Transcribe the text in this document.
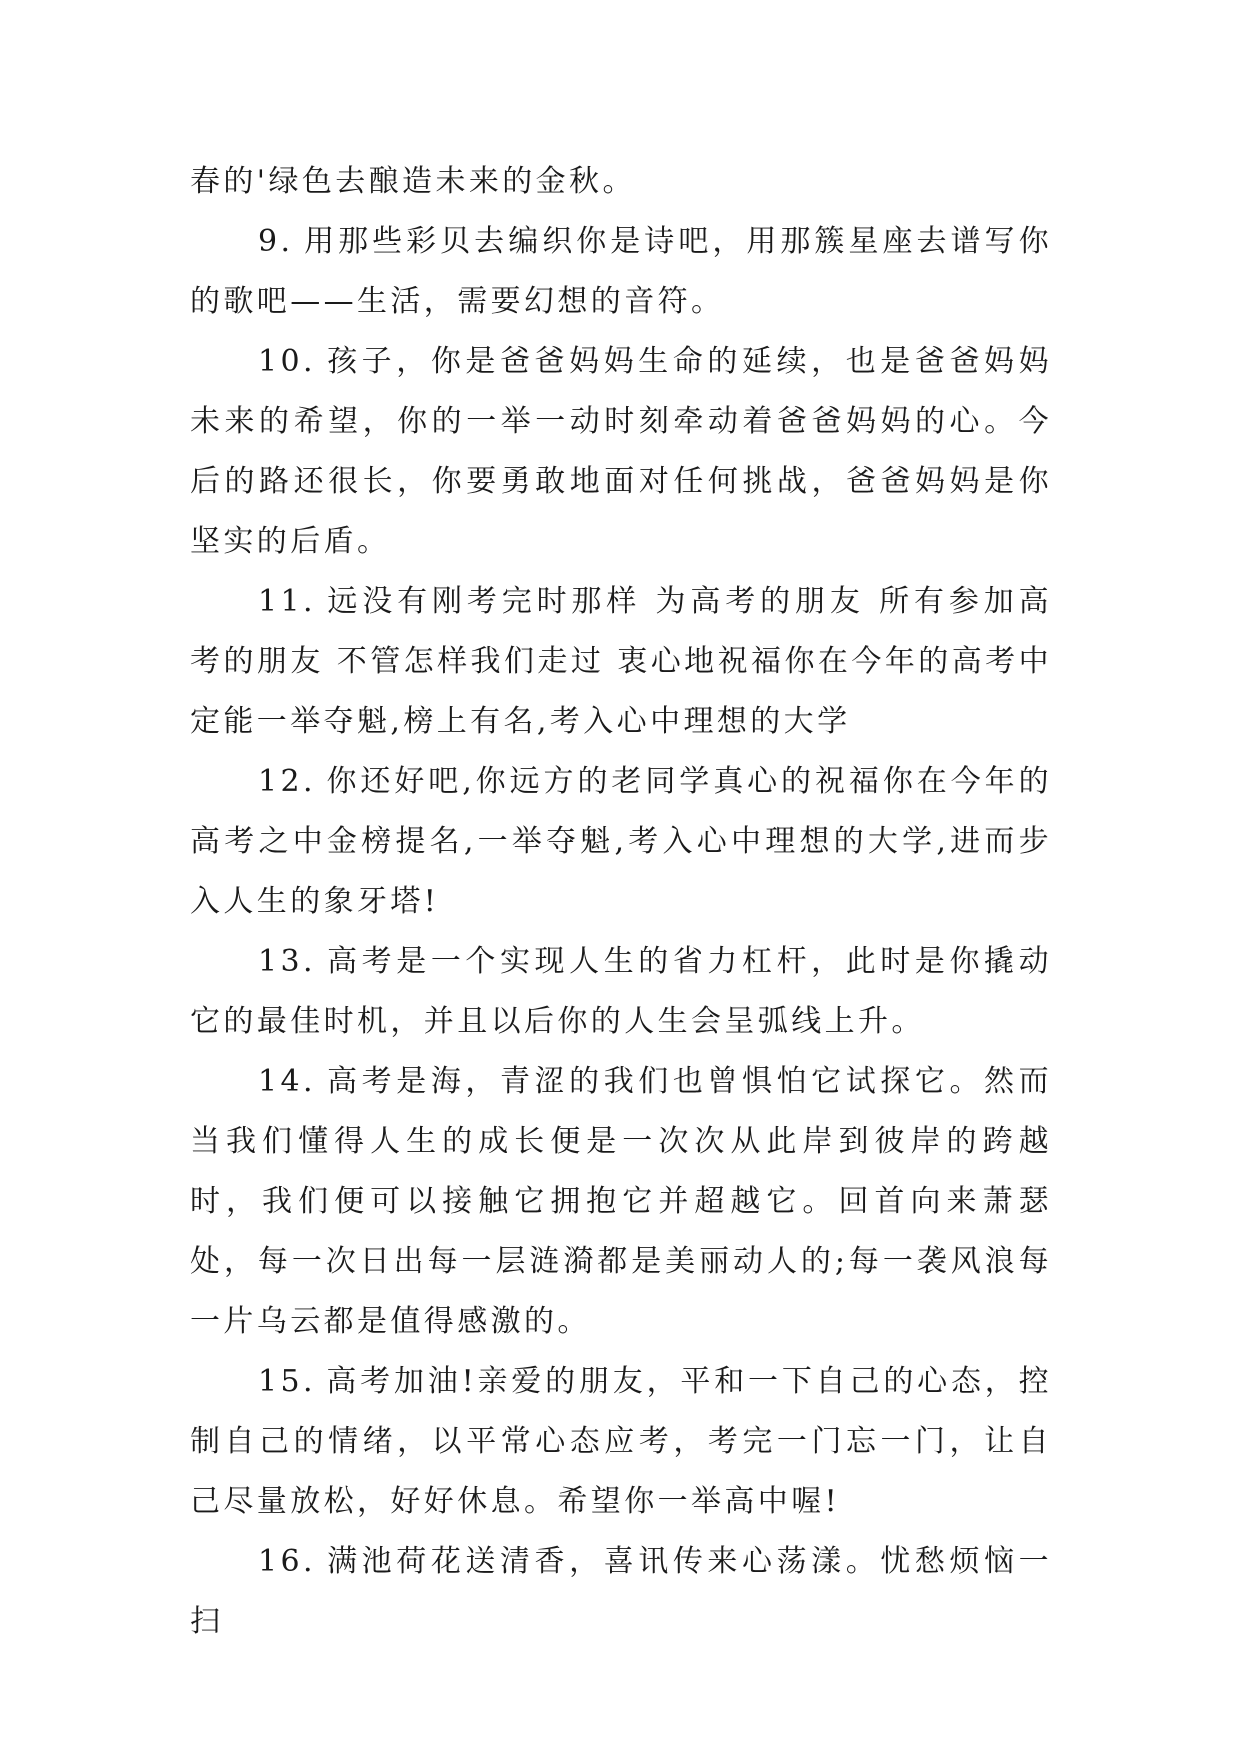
春的'绿色去酿造未来的金秋。

9. 用那些彩贝去编织你是诗吧，用那簇星座去谱写你的歌吧——生活，需要幻想的音符。

10. 孩子，你是爸爸妈妈生命的延续，也是爸爸妈妈未来的希望，你的一举一动时刻牵动着爸爸妈妈的心。今后的路还很长，你要勇敢地面对任何挑战，爸爸妈妈是你坚实的后盾。

11. 远没有刚考完时那样 为高考的朋友 所有参加高考的朋友 不管怎样我们走过 衷心地祝福你在今年的高考中定能一举夺魁,榜上有名,考入心中理想的大学

12. 你还好吧,你远方的老同学真心的祝福你在今年的高考之中金榜提名,一举夺魁,考入心中理想的大学,进而步入人生的象牙塔!

13. 高考是一个实现人生的省力杠杆，此时是你撬动它的最佳时机，并且以后你的人生会呈弧线上升。

14. 高考是海，青涩的我们也曾惧怕它试探它。然而当我们懂得人生的成长便是一次次从此岸到彼岸的跨越时，我们便可以接触它拥抱它并超越它。回首向来萧瑟处，每一次日出每一层涟漪都是美丽动人的;每一袭风浪每一片乌云都是值得感激的。

15. 高考加油!亲爱的朋友，平和一下自己的心态，控制自己的情绪，以平常心态应考，考完一门忘一门，让自己尽量放松，好好休息。希望你一举高中喔!

16. 满池荷花送清香，喜讯传来心荡漾。忧愁烦恼一扫
